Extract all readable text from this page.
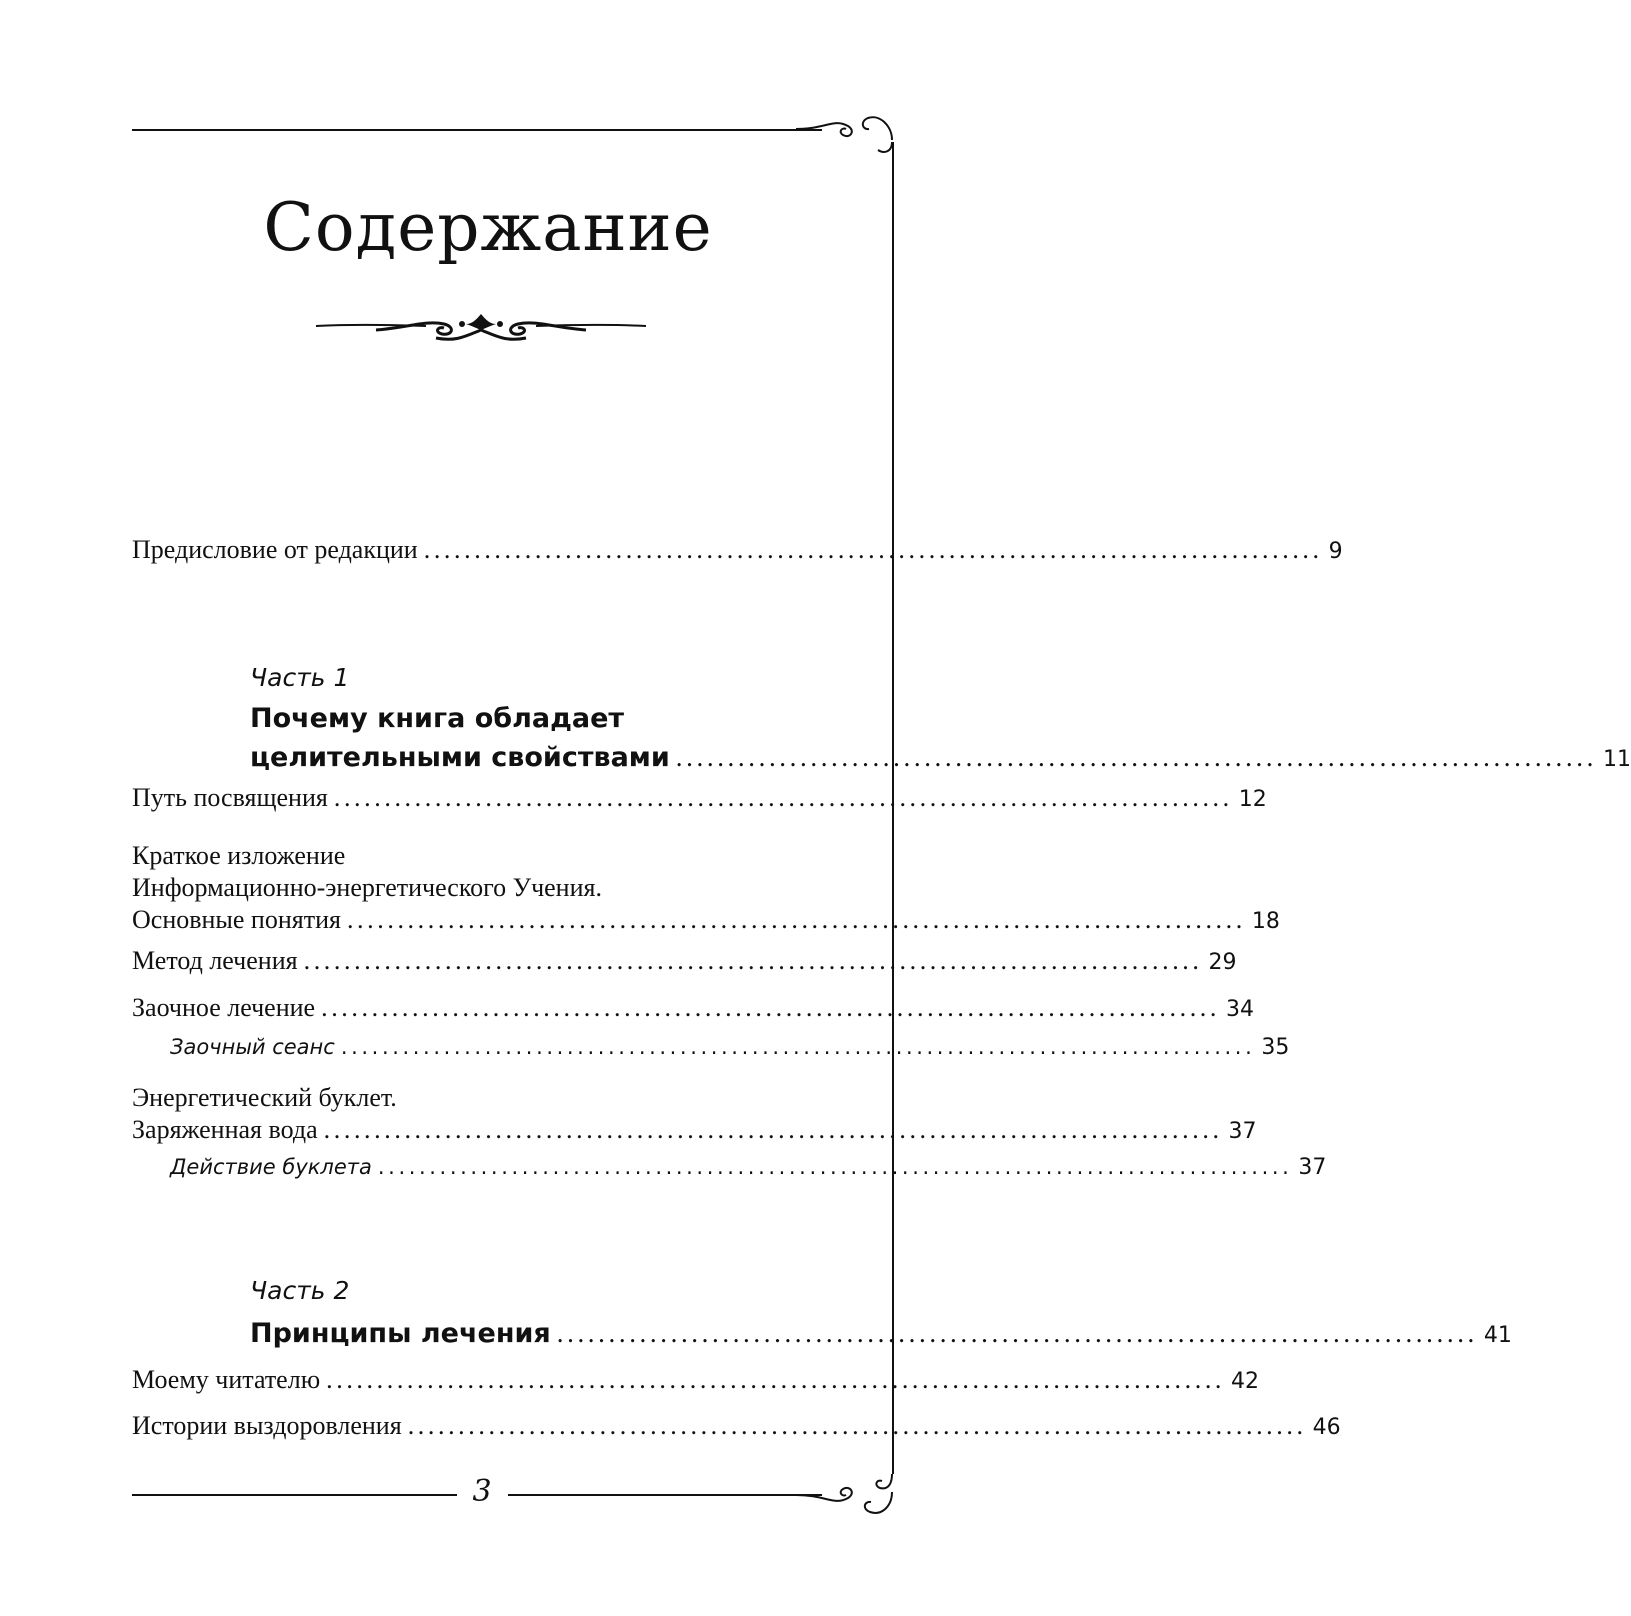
Содержание
Предисловие от редакции ......................................................................................... 9
Часть 1
Почему книга обладает
целительными свойствами ......................................................................................... 11
Путь посвящения ......................................................................................... 12
Краткое изложение
Информационно-энергетического Учения.
Основные понятия ......................................................................................... 18
Метод лечения ......................................................................................... 29
Заочное лечение ......................................................................................... 34
Заочный сеанс ......................................................................................... 35
Энергетический буклет.
Заряженная вода ......................................................................................... 37
Действие буклета ......................................................................................... 37
Часть 2
Принципы лечения ......................................................................................... 41
Моему читателю ......................................................................................... 42
Истории выздоровления ......................................................................................... 46
3
